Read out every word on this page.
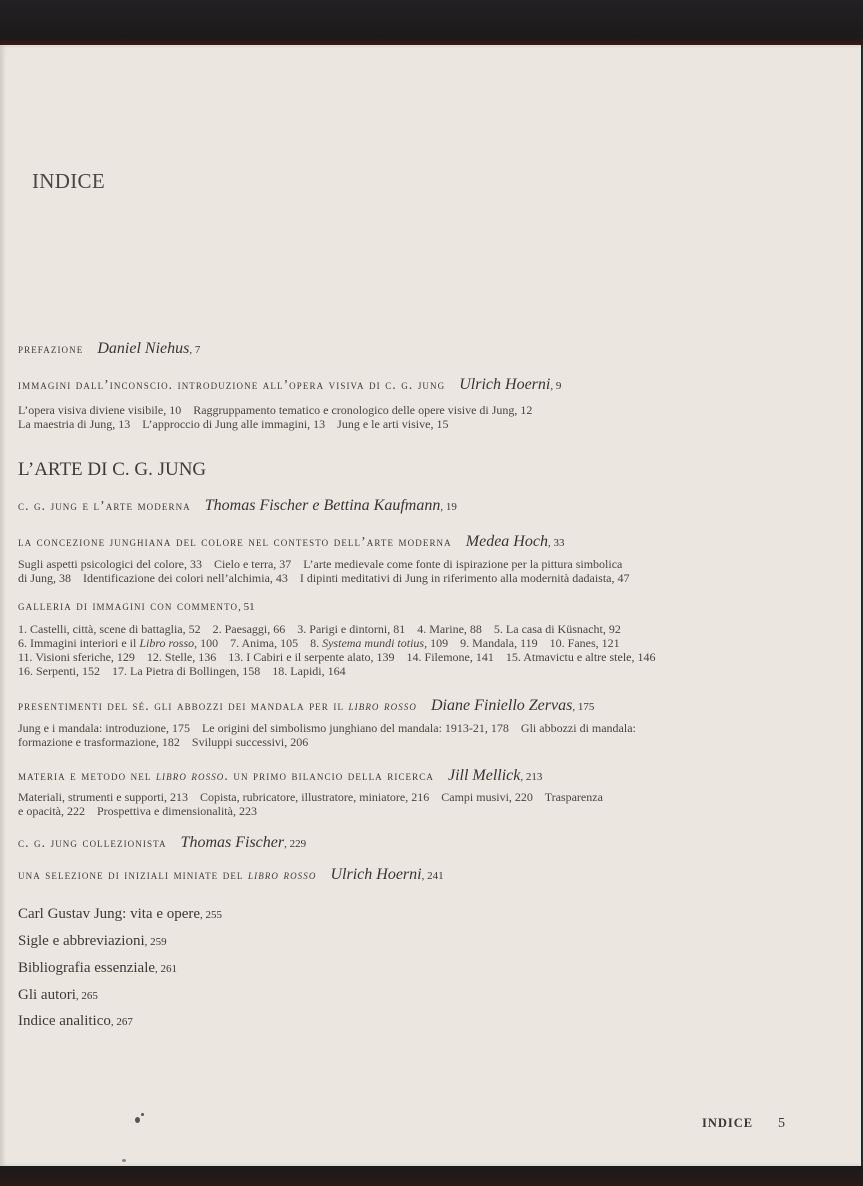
INDICE
prefazione Daniel Niehus, 7
immagini dall’inconscio. introduzione all’opera visiva di c. g. jung Ulrich Hoerni, 9
L’opera visiva diviene visibile, 10    Raggruppamento tematico e cronologico delle opere visive di Jung, 12
La maestria di Jung, 13    L’approccio di Jung alle immagini, 13    Jung e le arti visive, 15
L’ARTE DI C. G. JUNG
c. g. jung e l’arte moderna Thomas Fischer e Bettina Kaufmann, 19
la concezione junghiana del colore nel contesto dell’arte moderna Medea Hoch, 33
Sugli aspetti psicologici del colore, 33    Cielo e terra, 37    L’arte medievale come fonte di ispirazione per la pittura simbolica
di Jung, 38    Identificazione dei colori nell’alchimia, 43    I dipinti meditativi di Jung in riferimento alla modernità dadaista, 47
galleria di immagini con commento, 51
1. Castelli, città, scene di battaglia, 52    2. Paesaggi, 66    3. Parigi e dintorni, 81    4. Marine, 88    5. La casa di Küsnacht, 92
6. Immagini interiori e il Libro rosso, 100    7. Anima, 105    8. Systema mundi totius, 109    9. Mandala, 119    10. Fanes, 121
11. Visioni sferiche, 129    12. Stelle, 136    13. I Cabiri e il serpente alato, 139    14. Filemone, 141    15. Atmavictu e altre stele, 146
16. Serpenti, 152    17. La Pietra di Bollingen, 158    18. Lapidi, 164
presentimenti del sé. gli abbozzi dei mandala per il libro rosso Diane Finiello Zervas, 175
Jung e i mandala: introduzione, 175    Le origini del simbolismo junghiano del mandala: 1913-21, 178    Gli abbozzi di mandala:
formazione e trasformazione, 182    Sviluppi successivi, 206
materia e metodo nel libro rosso. un primo bilancio della ricerca Jill Mellick, 213
Materiali, strumenti e supporti, 213    Copista, rubricatore, illustratore, miniatore, 216    Campi musivi, 220    Trasparenza
e opacità, 222    Prospettiva e dimensionalità, 223
c. g. jung collezionista Thomas Fischer, 229
una selezione di iniziali miniate del libro rosso Ulrich Hoerni, 241
Carl Gustav Jung: vita e opere, 255
Sigle e abbreviazioni, 259
Bibliografia essenziale, 261
Gli autori, 265
Indice analitico, 267
INDICE 5
